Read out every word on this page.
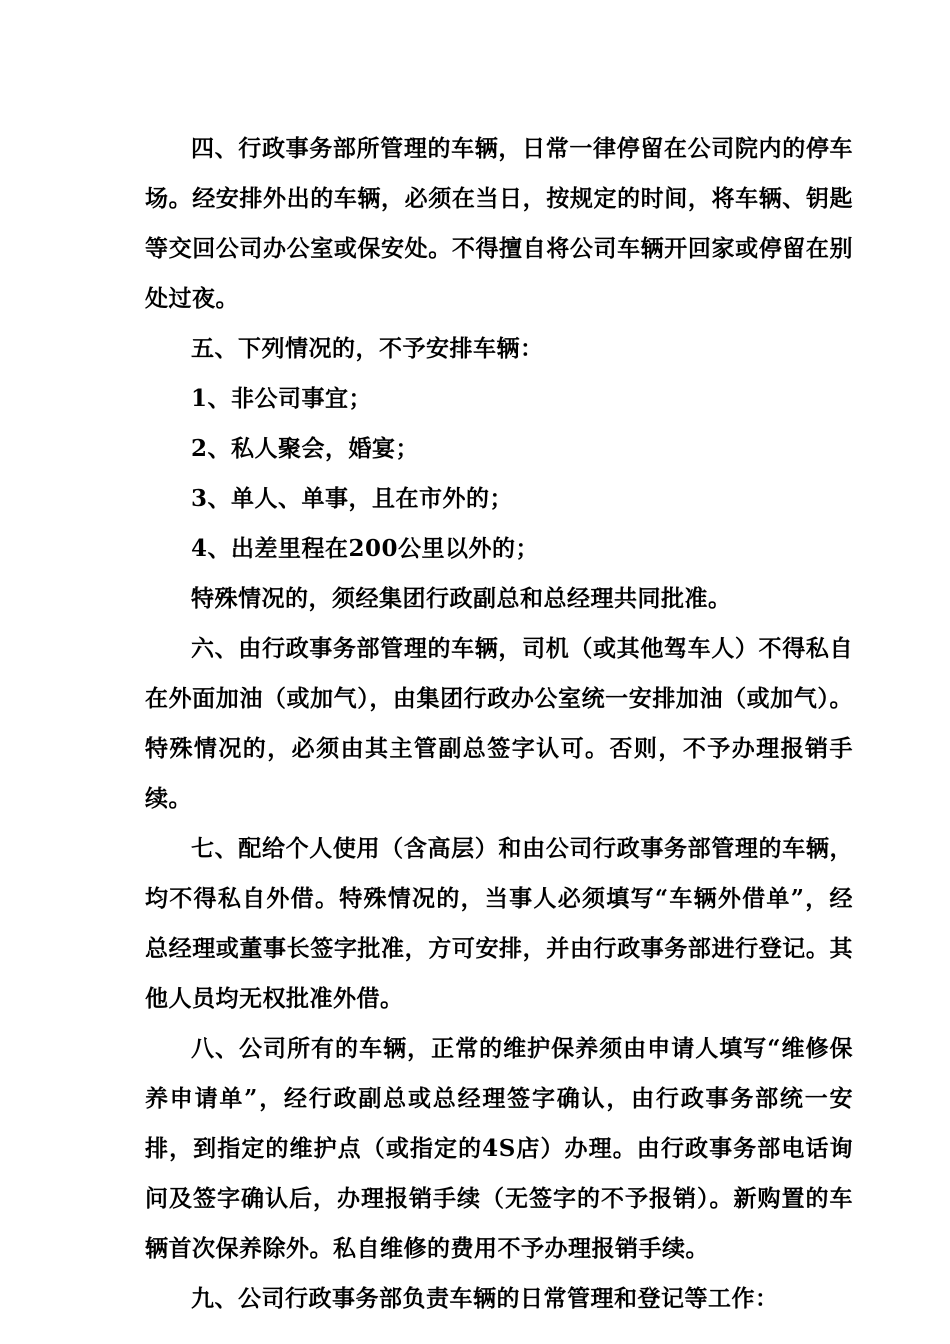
四、行政事务部所管理的车辆，日常一律停留在公司院内的停车场。经安排外出的车辆，必须在当日，按规定的时间，将车辆、钥匙等交回公司办公室或保安处。不得擅自将公司车辆开回家或停留在别处过夜。

五、下列情况的，不予安排车辆：

1、非公司事宜；

2、私人聚会，婚宴；

3、单人、单事，且在市外的；

4、出差里程在200公里以外的；

特殊情况的，须经集团行政副总和总经理共同批准。

六、由行政事务部管理的车辆，司机（或其他驾车人）不得私自在外面加油（或加气），由集团行政办公室统一安排加油（或加气）。特殊情况的，必须由其主管副总签字认可。否则，不予办理报销手续。

七、配给个人使用（含高层）和由公司行政事务部管理的车辆，均不得私自外借。特殊情况的，当事人必须填写“车辆外借单”，经总经理或董事长签字批准，方可安排，并由行政事务部进行登记。其他人员均无权批准外借。

八、公司所有的车辆，正常的维护保养须由申请人填写“维修保养申请单”，经行政副总或总经理签字确认，由行政事务部统一安排，到指定的维护点（或指定的4S店）办理。由行政事务部电话询问及签字确认后，办理报销手续（无签字的不予报销）。新购置的车辆首次保养除外。私自维修的费用不予办理报销手续。

九、公司行政事务部负责车辆的日常管理和登记等工作：
